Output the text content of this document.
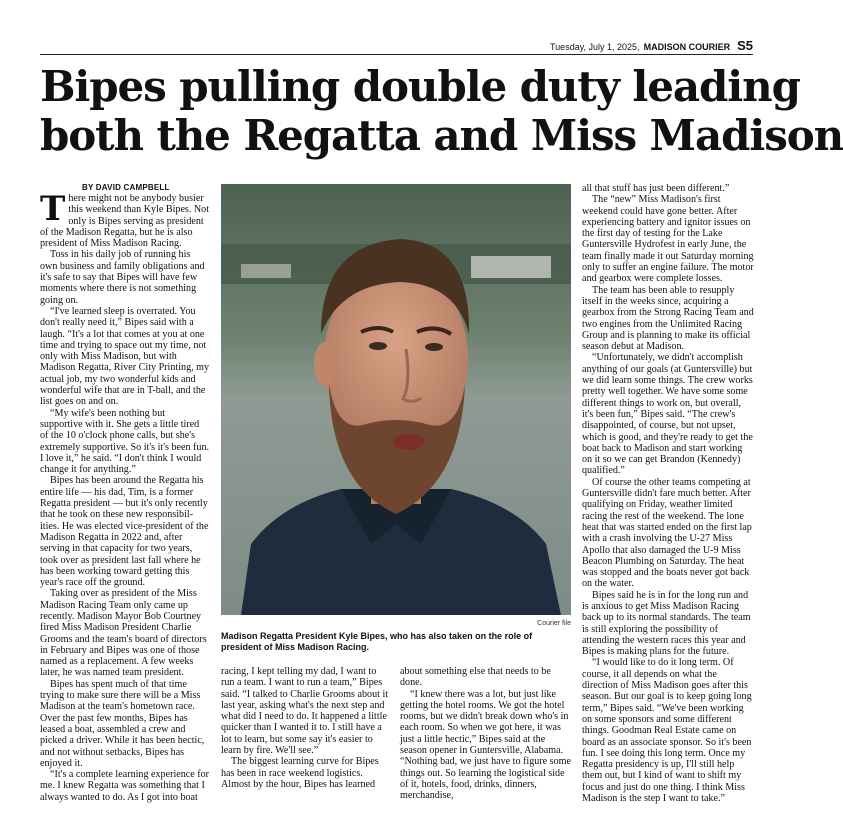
Tuesday, July 1, 2025, MADISON COURIER S5
Bipes pulling double duty leading
both the Regatta and Miss Madison
BY DAVID CAMPBELL

There might not be anybody busier this weekend than Kyle Bipes. Not only is Bipes serving as president of the Madison Regatta, but he is also president of Miss Madison Racing.

Toss in his daily job of running his own business and family obligations and it's safe to say that Bipes will have few moments where there is not something going on.

“I've learned sleep is overrated. You don't really need it,” Bipes said with a laugh. “It's a lot that comes at you at one time and trying to space out my time, not only with Miss Madison, but with Madison Regatta, River City Printing, my actual job, my two wonderful kids and wonderful wife that are in T-ball, and the list goes on and on.

“My wife's been nothing but supportive with it. She gets a little tired of the 10 o'clock phone calls, but she's extremely supportive. So it's it's been fun. I love it,” he said. “I don't think I would change it for anything.”

Bipes has been around the Regatta his entire life — his dad, Tim, is a former Regatta president — but it's only recently that he took on these new responsibil-ities. He was elected vice-president of the Madison Regatta in 2022 and, after serving in that capacity for two years, took over as president last fall where he has been working toward getting this year's race off the ground.

Taking over as president of the Miss Madison Racing Team only came up recently. Madison Mayor Bob Courtney fired Miss Madison President Charlie Grooms and the team's board of directors in February and Bipes was one of those named as a replacement. A few weeks later, he was named team president.

Bipes has spent much of that time trying to make sure there will be a Miss Madison at the team's hometown race. Over the past few months, Bipes has leased a boat, assembled a crew and picked a driver. While it has been hectic, and not without setbacks, Bipes has enjoyed it.

“It's a complete learning experience for me. I knew Regatta was something that I always wanted to do. As I got into boat

Courier file
Madison Regatta President Kyle Bipes, who has also taken on the role of president of Miss Madison Racing.

racing, I kept telling my dad, I want to run a team. I want to run a team,” Bipes said. “I talked to Charlie Grooms about it last year, asking what's the next step and what did I need to do. It happened a little quicker than I wanted it to. I still have a lot to learn, but some say it's easier to learn by fire. We'll see.”

The biggest learning curve for Bipes has been in race weekend logistics. Almost by the hour, Bipes has learned

about something else that needs to be done.

“I knew there was a lot, but just like getting the hotel rooms. We got the hotel rooms, but we didn't break down who's in each room. So when we got here, it was just a little hectic,” Bipes said at the season opener in Guntersville, Alabama. “Nothing bad, we just have to figure some things out. So learning the logistical side of it, hotels, food, drinks, dinners, merchandise,

all that stuff has just been different.”

The “new” Miss Madison's first weekend could have gone better. After experiencing battery and ignitor issues on the first day of testing for the Lake Guntersville Hydrofest in early June, the team finally made it out Saturday morning only to suffer an engine failure. The motor and gearbox were complete losses.

The team has been able to resupply itself in the weeks since, acquiring a gearbox from the Strong Racing Team and two engines from the Unlimited Racing Group and is planning to make its official season debut at Madison.

“Unfortunately, we didn't accomplish anything of our goals (at Guntersville) but we did learn some things. The crew works pretty well together. We have some some different things to work on, but overall, it's been fun,” Bipes said. “The crew's disappointed, of course, but not upset, which is good, and they're ready to get the boat back to Madison and start working on it so we can get Brandon (Kennedy) qualified.”

Of course the other teams competing at Guntersville didn't fare much better. After qualifying on Friday, weather limited racing the rest of the weekend. The lone heat that was started ended on the first lap with a crash involving the U-27 Miss Apollo that also damaged the U-9 Miss Beacon Plumbing on Saturday. The heat was stopped and the boats never got back on the water.

Bipes said he is in for the long run and is anxious to get Miss Madison Racing back up to its normal standards. The team is still exploring the possibility of attending the western races this year and Bipes is making plans for the future.

“I would like to do it long term. Of course, it all depends on what the direction of Miss Madison goes after this season. But our goal is to keep going long term,” Bipes said. “We've been working on some sponsors and some different things. Goodman Real Estate came on board as an associate sponsor. So it's been fun. I see doing this long term. Once my Regatta presidency is up, I'll still help them out, but I kind of want to shift my focus and just do one thing. I think Miss Madison is the step I want to take.”
